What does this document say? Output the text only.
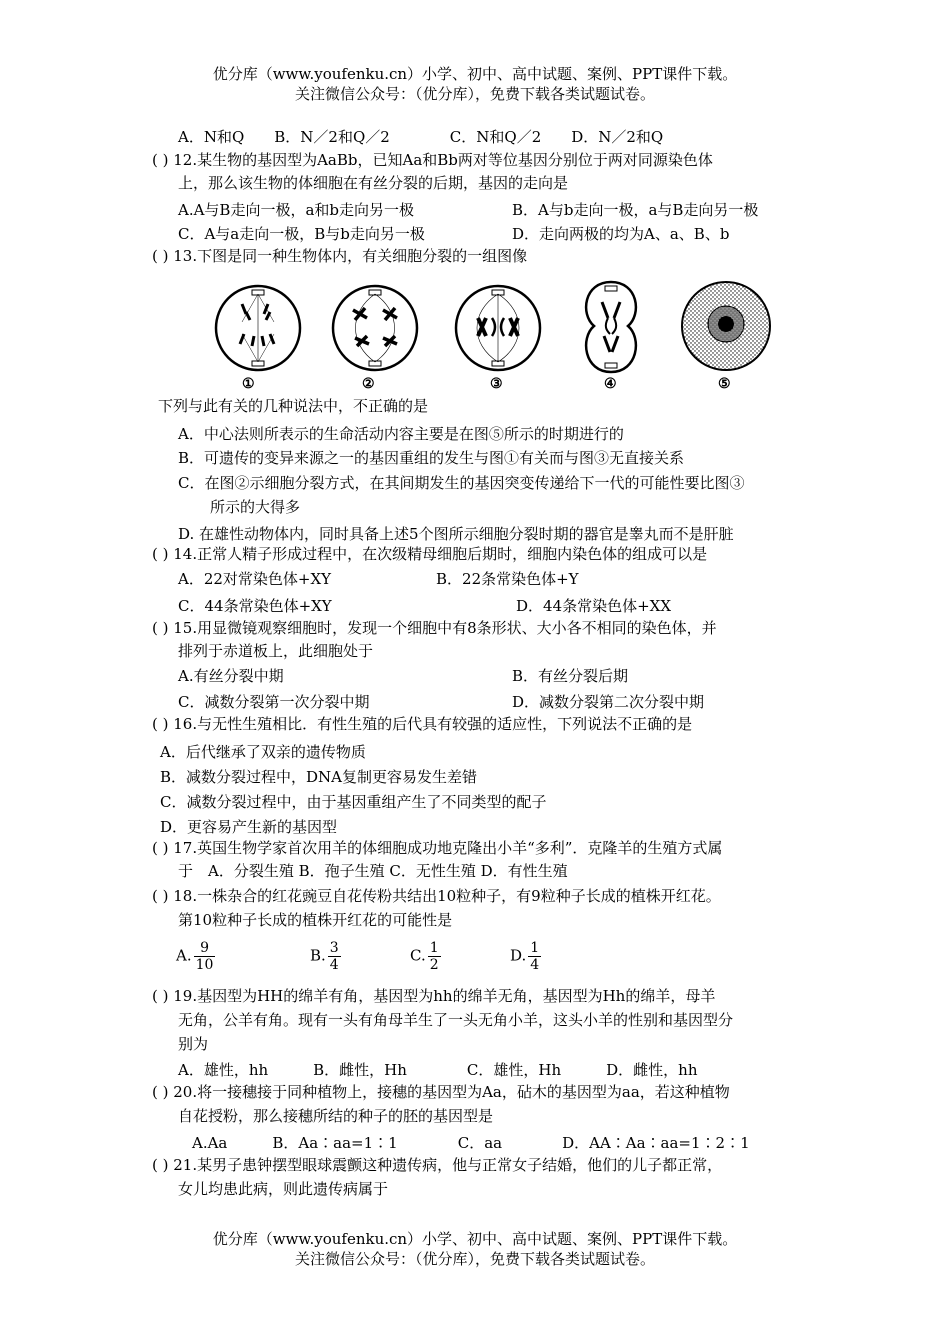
优分库（www.youfenku.cn）小学、初中、高中试题、案例、PPT课件下载。
关注微信公众号：（优分库），免费下载各类试题试卷。
A．N和Q　　B．N／2和Q／2　　　　C．N和Q／2　　D．N／2和Q
( ) 12.某生物的基因型为AaBb，已知Aa和Bb两对等位基因分别位于两对同源染色体
上，那么该生物的体细胞在有丝分裂的后期，基因的走向是
A.A与B走向一极，a和b走向另一极	B．A与b走向一极，a与B走向另一极
C．A与a走向一极，B与b走向另一极	D．走向两极的均为A、a、B、b
( ) 13.下图是同一种生物体内，有关细胞分裂的一组图像
①	②	③	④	⑤
下列与此有关的几种说法中，不正确的是
A．中心法则所表示的生命活动内容主要是在图⑤所示的时期进行的
B．可遗传的变异来源之一的基因重组的发生与图①有关而与图③无直接关系
C．在图②示细胞分裂方式，在其间期发生的基因突变传递给下一代的可能性要比图③
所示的大得多
D. 在雄性动物体内，同时具备上述5个图所示细胞分裂时期的器官是睾丸而不是肝脏
( ) 14.正常人精子形成过程中，在次级精母细胞后期时，细胞内染色体的组成可以是
A．22对常染色体+XY	B．22条常染色体+Y
C．44条常染色体+XY	D．44条常染色体+XX
( ) 15.用显微镜观察细胞时，发现一个细胞中有8条形状、大小各不相同的染色体，并
排列于赤道板上，此细胞处于
A.有丝分裂中期	B．有丝分裂后期
C．减数分裂第一次分裂中期	D．减数分裂第二次分裂中期
( ) 16.与无性生殖相比．有性生殖的后代具有较强的适应性，下列说法不正确的是
A．后代继承了双亲的遗传物质
B．减数分裂过程中，DNA复制更容易发生差错
C．减数分裂过程中，由于基因重组产生了不同类型的配子
D．更容易产生新的基因型
( ) 17.英国生物学家首次用羊的体细胞成功地克隆出小羊“多利”．克隆羊的生殖方式属
于　A．分裂生殖 B．孢子生殖 C．无性生殖 D．有性生殖
( ) 18.一株杂合的红花豌豆自花传粉共结出10粒种子，有9粒种子长成的植株开红花。
第10粒种子长成的植株开红花的可能性是
A. $\frac{9}{10}$	B. $\frac{3}{4}$	C. $\frac{1}{2}$	D. $\frac{1}{4}$
( ) 19.基因型为HH的绵羊有角，基因型为hh的绵羊无角，基因型为Hh的绵羊，母羊
无角，公羊有角。现有一头有角母羊生了一头无角小羊，这头小羊的性别和基因型分
别为
A．雄性，hh　　　B．雌性，Hh　　　　C．雄性，Hh　　　D．雌性，hh
( ) 20.将一接穗接于同种植物上，接穗的基因型为Aa，砧木的基因型为aa，若这种植物
自花授粉，那么接穗所结的种子的胚的基因型是
A.Aa　　　B．Aa∶aa=1∶1　　　　C．aa　　　　D．AA∶Aa∶aa=1∶2∶1
( ) 21.某男子患钟摆型眼球震颤这种遗传病，他与正常女子结婚，他们的儿子都正常，
女儿均患此病，则此遗传病属于
优分库（www.youfenku.cn）小学、初中、高中试题、案例、PPT课件下载。
关注微信公众号：（优分库），免费下载各类试题试卷。
